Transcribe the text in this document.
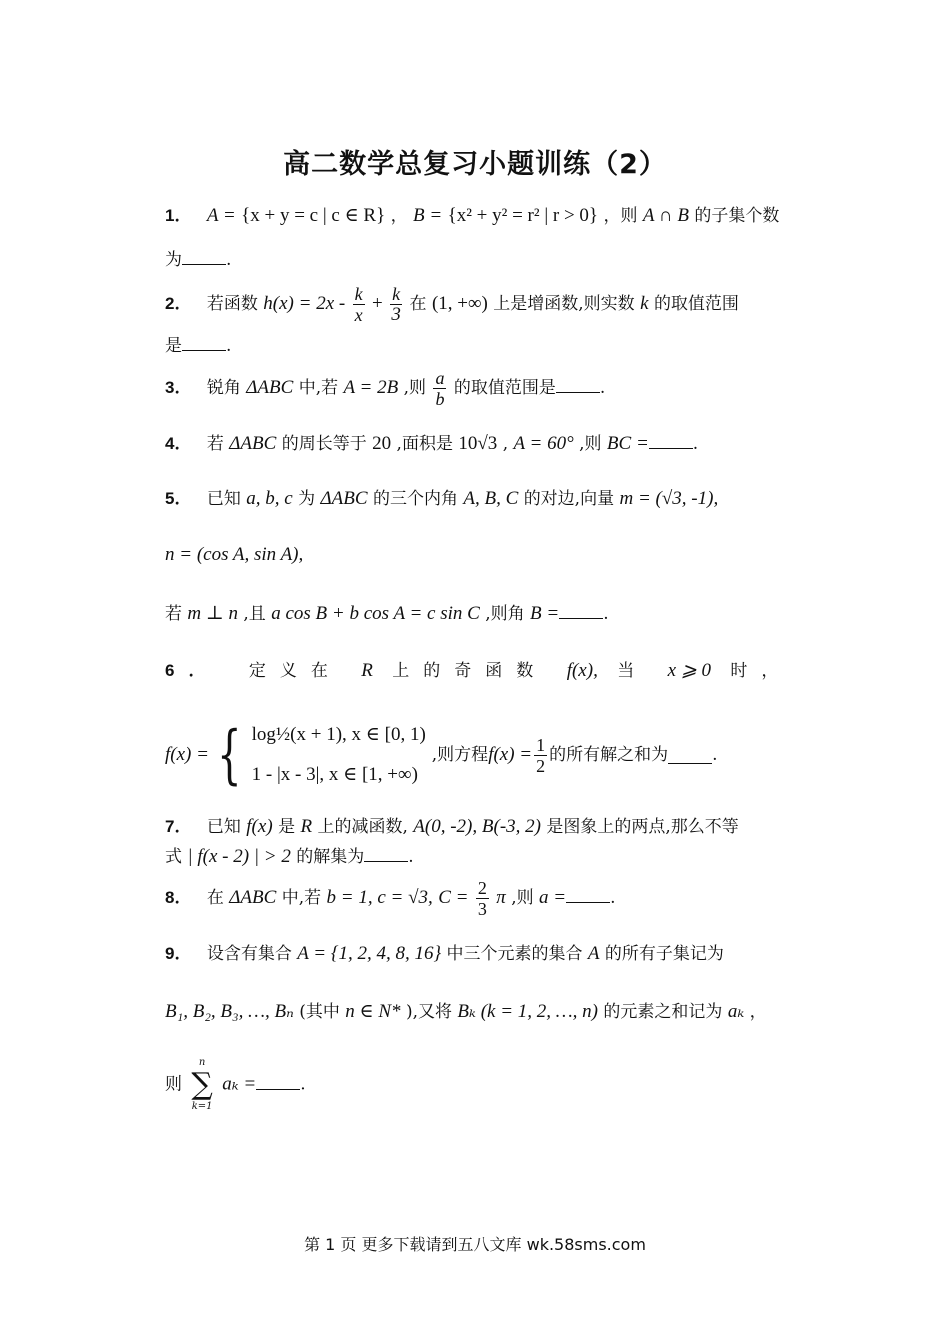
高二数学总复习小题训练（2）
1． A = {x + y = c | c ∈ R} ， B = {x² + y² = r² | r > 0} ，则 A ∩ B 的子集个数
为	.
2． 若函数 $h(x) = 2x - \frac{k}{x} + \frac{k}{3}$ 在 (1, +∞) 上是增函数,则实数 k 的取值范围
是	.
3． 锐角 ΔABC 中,若 A = 2B ,则 $\frac{a}{b}$ 的取值范围是	.
4． 若 ΔABC 的周长等于 20 ,面积是 10√3 , A = 60° ,则 BC =	.
5． 已知 a, b, c 为 ΔABC 的三个内角 A, B, C 的对边,向量 m = (√3, -1),
n = (cos A, sin A),
若 m ⊥ n ,且 a cos B + b cos A = c sin C ,则角 B =	.
6． 定义在 R 上的奇函数 f(x), 当 x ⩾ 0 时，
f(x) = { log½(x + 1), x ∈ [0, 1)
1 - |x - 3|, x ∈ [1, +∞)
,则方程 $f(x) = \frac{1}{2}$ 的所有解之和为	.
7． 已知 f(x) 是 R 上的减函数, A(0, -2), B(-3, 2) 是图象上的两点,那么不等
式 | f(x - 2) | > 2 的解集为	.
8． 在 ΔABC 中,若 b = 1, c = √3, $C = \frac{2}{3}$ π ,则 a =	.
9． 设含有集合 A = {1, 2, 4, 8, 16} 中三个元素的集合 A 的所有子集记为
B₁, B₂, B₃, …, Bₙ (其中 n ∈ N* ),又将 Bₖ (k = 1, 2, …, n) 的元素之和记为 aₖ ，
则
n
∑
k=1
aₖ =	.
第 1 页 更多下载请到五八文库 wk.58sms.com
